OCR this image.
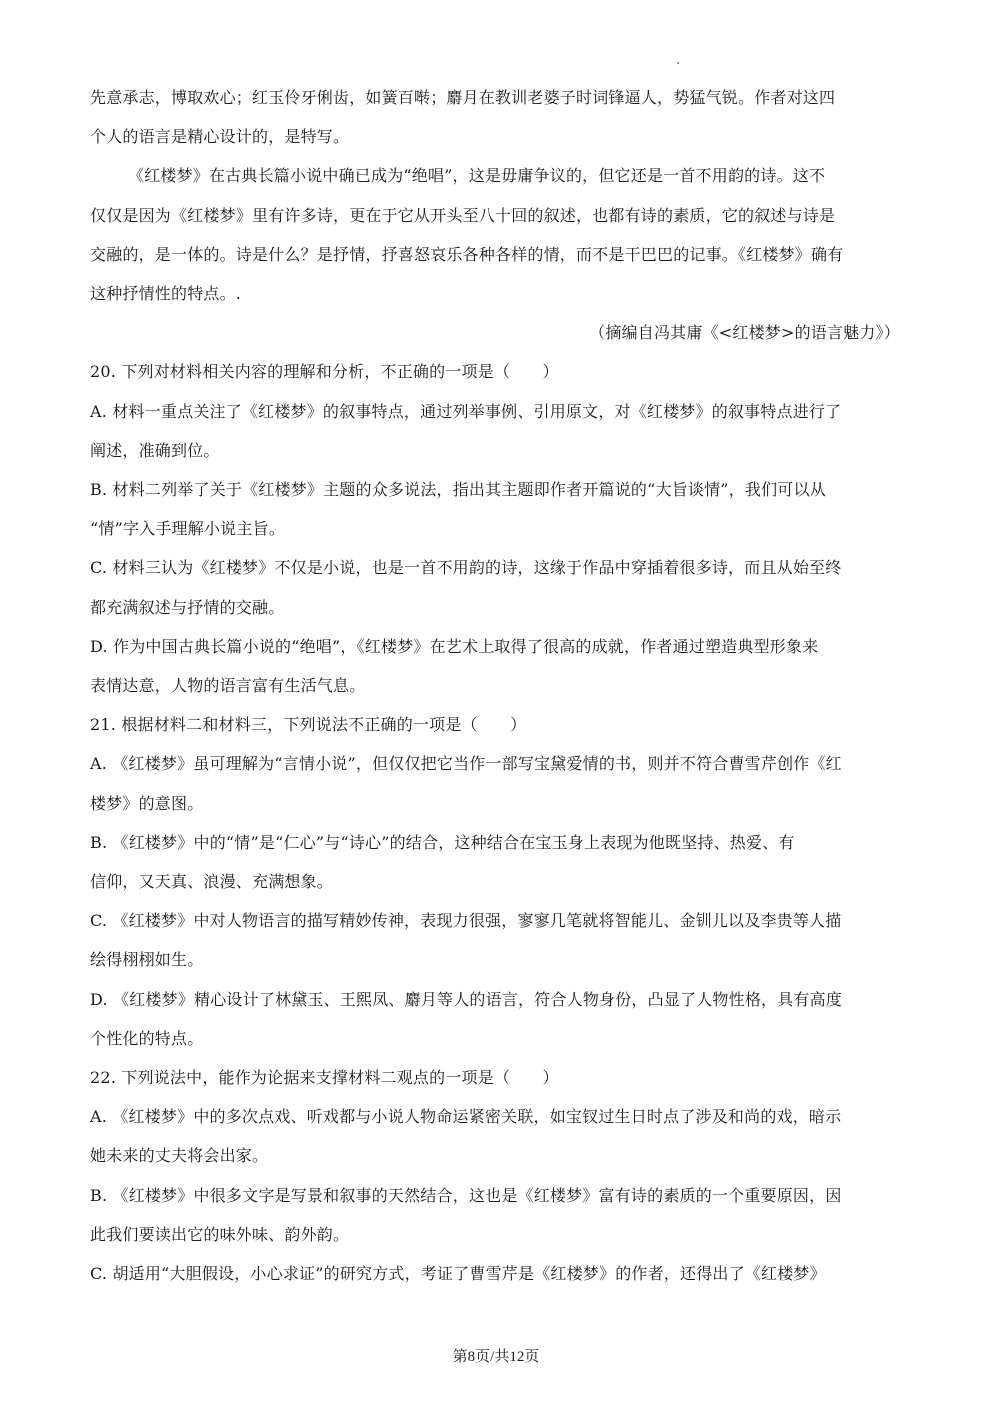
先意承志，博取欢心；红玉伶牙俐齿，如簧百啭；麝月在教训老婆子时词锋逼人，势猛气锐。作者对这四
个人的语言是精心设计的，是特写。
《红楼梦》在古典长篇小说中确已成为“绝唱”，这是毋庸争议的，但它还是一首不用韵的诗。这不
仅仅是因为《红楼梦》里有许多诗，更在于它从开头至八十回的叙述，也都有诗的素质，它的叙述与诗是
交融的，是一体的。诗是什么？是抒情，抒喜怒哀乐各种各样的情，而不是干巴巴的记事。《红楼梦》确有
这种抒情性的特点。.
（摘编自冯其庸《<红楼梦>的语言魅力》）
20. 下列对材料相关内容的理解和分析，不正确的一项是（　　）
A. 材料一重点关注了《红楼梦》的叙事特点，通过列举事例、引用原文，对《红楼梦》的叙事特点进行了
阐述，准确到位。
B. 材料二列举了关于《红楼梦》主题的众多说法，指出其主题即作者开篇说的“大旨谈情”，我们可以从
“情”字入手理解小说主旨。
C. 材料三认为《红楼梦》不仅是小说，也是一首不用韵的诗，这缘于作品中穿插着很多诗，而且从始至终
都充满叙述与抒情的交融。
D. 作为中国古典长篇小说的“绝唱”，《红楼梦》在艺术上取得了很高的成就，作者通过塑造典型形象来
表情达意，人物的语言富有生活气息。
21. 根据材料二和材料三，下列说法不正确的一项是（　　）
A. 《红楼梦》虽可理解为“言情小说”，但仅仅把它当作一部写宝黛爱情的书，则并不符合曹雪芹创作《红
楼梦》的意图。
B. 《红楼梦》中的“情”是“仁心”与“诗心”的结合，这种结合在宝玉身上表现为他既坚持、热爱、有
信仰，又天真、浪漫、充满想象。
C. 《红楼梦》中对人物语言的描写精妙传神，表现力很强，寥寥几笔就将智能儿、金钏儿以及李贵等人描
绘得栩栩如生。
D. 《红楼梦》精心设计了林黛玉、王熙凤、麝月等人的语言，符合人物身份，凸显了人物性格，具有高度
个性化的特点。
22. 下列说法中，能作为论据来支撑材料二观点的一项是（　　）
A. 《红楼梦》中的多次点戏、听戏都与小说人物命运紧密关联，如宝钗过生日时点了涉及和尚的戏，暗示
她未来的丈夫将会出家。
B. 《红楼梦》中很多文字是写景和叙事的天然结合，这也是《红楼梦》富有诗的素质的一个重要原因，因
此我们要读出它的味外味、韵外韵。
C. 胡适用“大胆假设，小心求证”的研究方式，考证了曹雪芹是《红楼梦》的作者，还得出了《红楼梦》
第8页/共12页
